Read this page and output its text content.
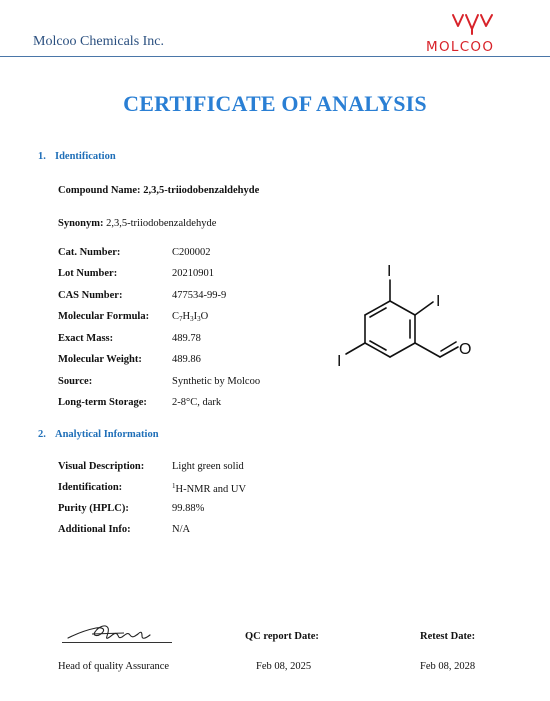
Molcoo Chemicals Inc.	MOLCOO
CERTIFICATE OF ANALYSIS
1. Identification
Compound Name: 2,3,5-triiodobenzaldehyde
Synonym: 2,3,5-triiodobenzaldehyde
Cat. Number:	C200002
Lot Number:	20210901
CAS Number:	477534-99-9
Molecular Formula: $C_7H_3I_3O$
Exact Mass:	489.78
Molecular Weight:	489.86
Source:	Synthetic by Molcoo
Long-term Storage: 2-8°C, dark
I
I
I
O
2. Analytical Information
Visual Description:	Light green solid
Identification:	$^1$H-NMR and UV
Purity (HPLC):	99.88%
Additional Info:	N/A
Head of quality Assurance
QC report Date:
Feb 08, 2025
Retest Date:
Feb 08, 2028
